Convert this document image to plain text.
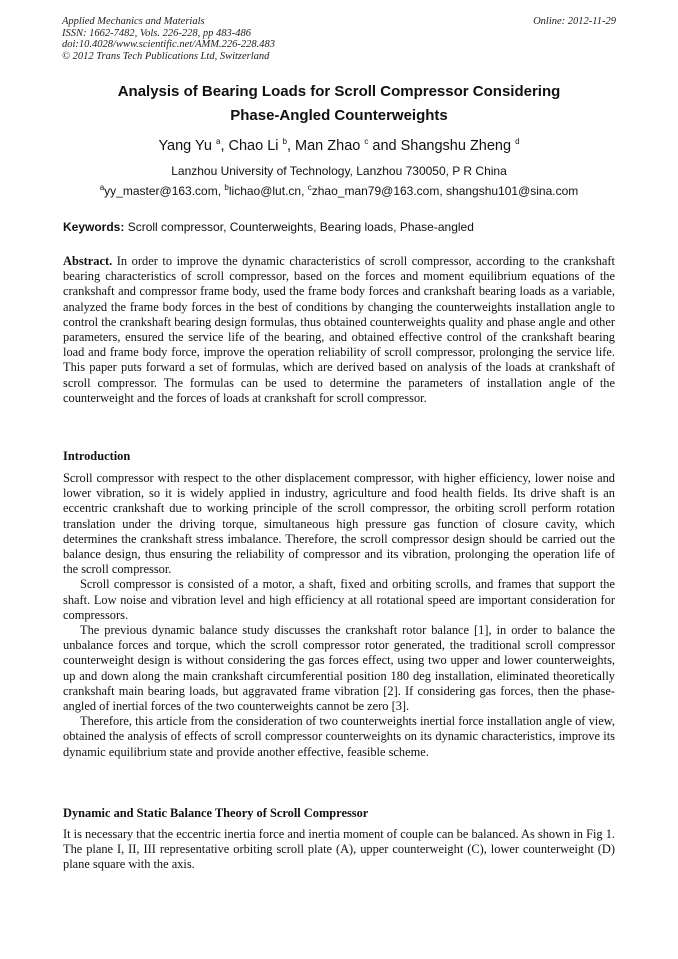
Applied Mechanics and Materials
ISSN: 1662-7482, Vols. 226-228, pp 483-486
doi:10.4028/www.scientific.net/AMM.226-228.483
© 2012 Trans Tech Publications Ltd, Switzerland
Online: 2012-11-29
Analysis of Bearing Loads for Scroll Compressor Considering
Phase-Angled Counterweights
Yang Yu $^a$, Chao Li $^b$, Man Zhao $^c$ and Shangshu Zheng $^d$
Lanzhou University of Technology, Lanzhou 730050, P R China
$^a$yy_master@163.com, $^b$lichao@lut.cn, $^c$zhao_man79@163.com, shangshu101@sina.com
Keywords: Scroll compressor, Counterweights, Bearing loads, Phase-angled

Abstract. In order to improve the dynamic characteristics of scroll compressor, according to the crankshaft bearing characteristics of scroll compressor, based on the forces and moment equilibrium equations of the crankshaft and compressor frame body, used the frame body forces and crankshaft bearing loads as a variable, analyzed the frame body forces in the best of conditions by changing the counterweights installation angle to control the crankshaft bearing design formulas, thus obtained counterweights quality and phase angle and other parameters, ensured the service life of the bearing, and obtained effective control of the crankshaft bearing load and frame body force, improve the operation reliability of scroll compressor, prolonging the service life. This paper puts forward a set of formulas, which are derived based on analysis of the loads at crankshaft of scroll compressor. The formulas can be used to determine the parameters of installation angle of the counterweight and the forces of loads at crankshaft for scroll compressor.

Introduction

Scroll compressor with respect to the other displacement compressor, with higher efficiency, lower noise and lower vibration, so it is widely applied in industry, agriculture and food health fields. Its drive shaft is an eccentric crankshaft due to working principle of the scroll compressor, the orbiting scroll perform rotation translation under the driving torque, simultaneous high pressure gas function of closure cavity, which determines the crankshaft stress imbalance. Therefore, the scroll compressor design should be carried out the balance design, thus ensuring the reliability of compressor and its vibration, prolonging the operation life of the scroll compressor.

Scroll compressor is consisted of a motor, a shaft, fixed and orbiting scrolls, and frames that support the shaft. Low noise and vibration level and high efficiency at all rotational speed are important consideration for compressors.

The previous dynamic balance study discusses the crankshaft rotor balance [1], in order to balance the unbalance forces and torque, which the scroll compressor rotor generated, the traditional scroll compressor counterweight design is without considering the gas forces effect, using two upper and lower counterweights, up and down along the main crankshaft circumferential position 180 deg installation, eliminated theoretically crankshaft main bearing loads, but aggravated frame vibration [2]. If considering gas forces, then the phase-angled of inertial forces of the two counterweights cannot be zero [3].

Therefore, this article from the consideration of two counterweights inertial force installation angle of view, obtained the analysis of effects of scroll compressor counterweights on its dynamic characteristics, improve its dynamic equilibrium state and provide another effective, feasible scheme.

Dynamic and Static Balance Theory of Scroll Compressor

It is necessary that the eccentric inertia force and inertia moment of couple can be balanced. As shown in Fig 1. The plane I, II, III representative orbiting scroll plate (A), upper counterweight (C), lower counterweight (D) plane square with the axis.
